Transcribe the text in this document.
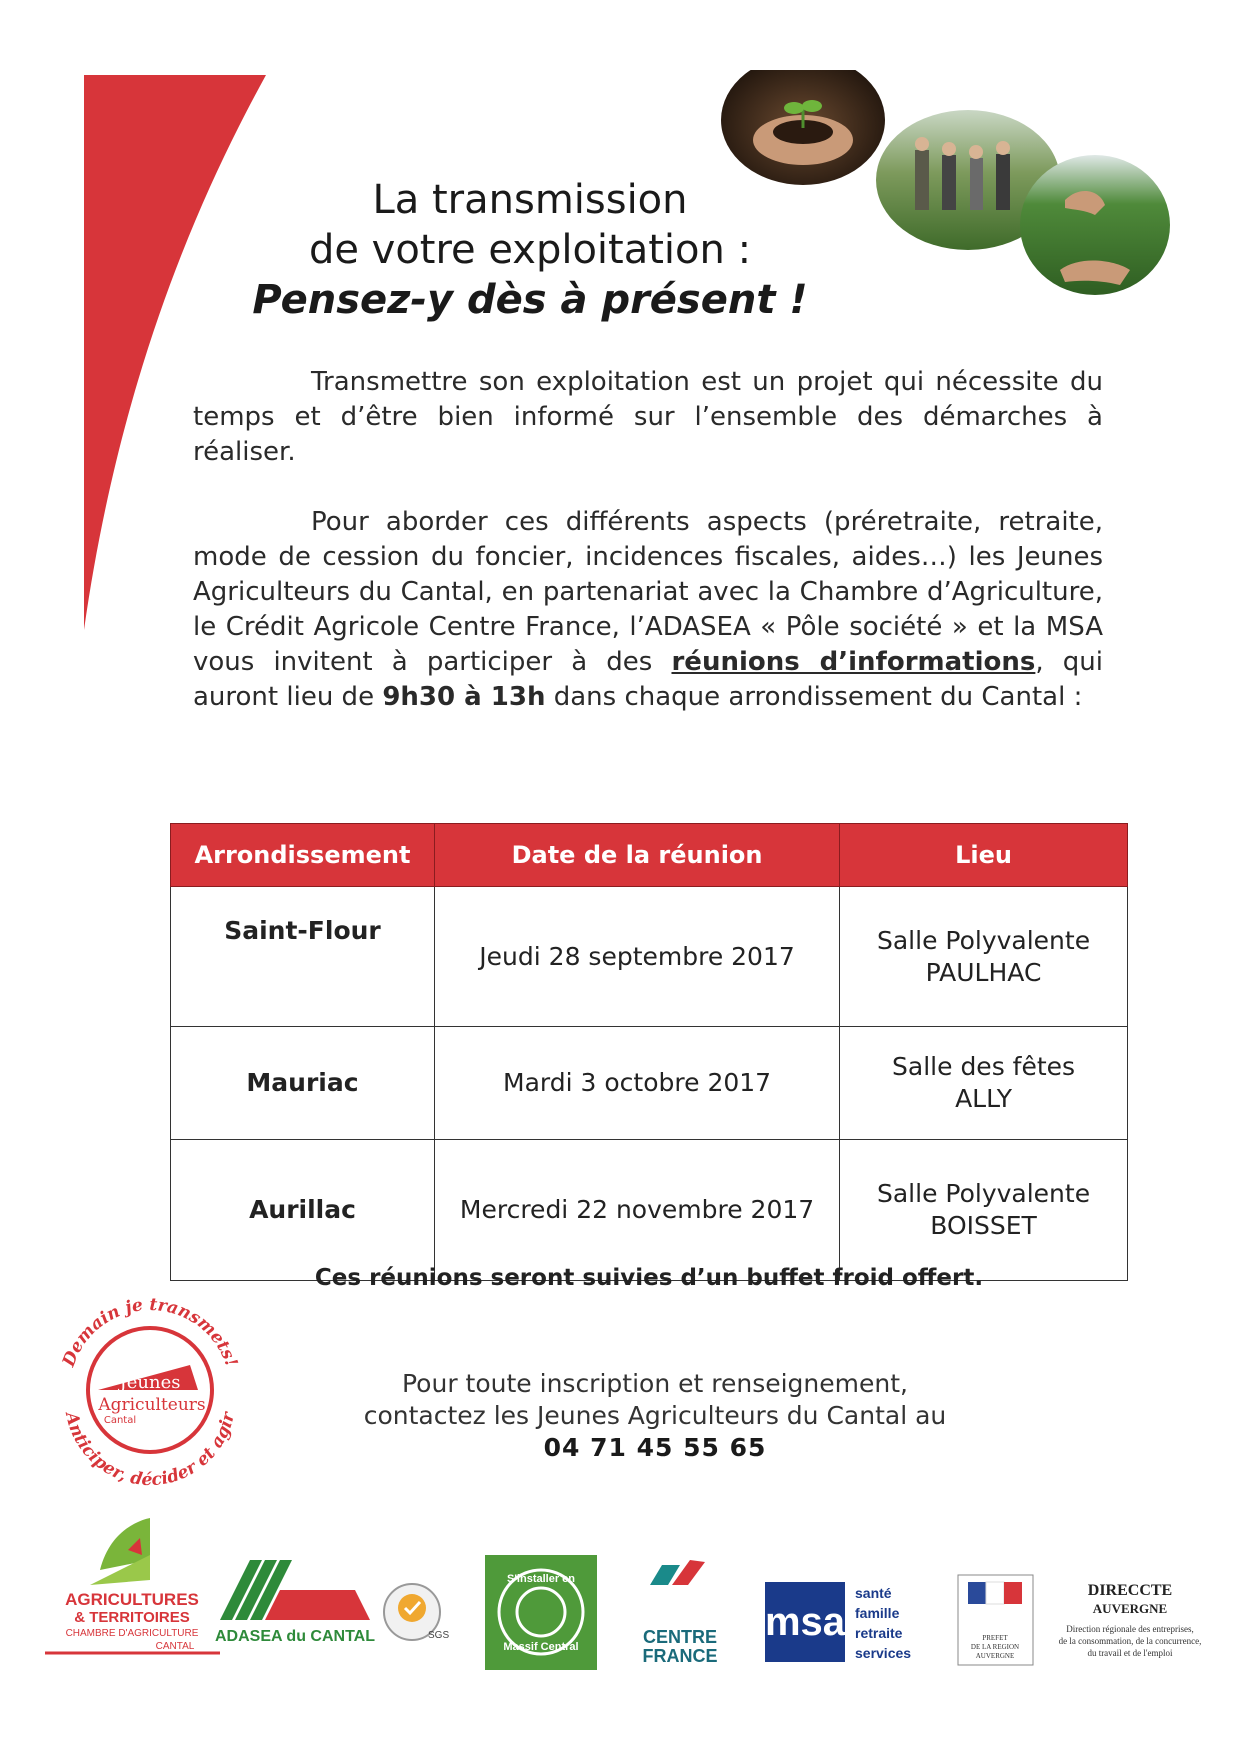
La transmission
de votre exploitation :
Pensez-y dès à présent !
Transmettre son exploitation est un projet qui nécessite du temps et d’être bien informé sur l’ensemble des démarches à réaliser.
Pour aborder ces différents aspects (préretraite, retraite, mode de cession du foncier, incidences fiscales, aides…) les Jeunes Agriculteurs du Cantal, en partenariat avec la Chambre d’Agriculture, le Crédit Agricole Centre France, l’ADASEA « Pôle société » et la MSA vous invitent à participer à des réunions d’informations, qui auront lieu de 9h30 à 13h dans chaque arrondissement du Cantal :
Arrondissement	Date de la réunion	Lieu
Saint-Flour	Jeudi 28 septembre 2017	Salle Polyvalente
PAULHAC

Mauriac	Mardi 3 octobre 2017	Salle des fêtes
ALLY

Aurillac	Mercredi 22 novembre 2017	Salle Polyvalente
BOISSET
Ces réunions seront suivies d’un buffet froid offert.
Pour toute inscription et renseignement,
contactez les Jeunes Agriculteurs du Cantal au
04 71 45 55 65
Demain je transmets!
Anticiper, décider et agir
Jeunes
Agriculteurs
Cantal
AGRICULTURES
& TERRITOIRES
CHAMBRE D'AGRICULTURE
CANTAL
ADASEA du CANTAL	SGS
S'installer en
Massif Central	CENTRE
FRANCE
msa
santé
famille
retraite
services
PREFET
DE LA REGION
AUVERGNE
DIRECCTE
AUVERGNE
Direction régionale des entreprises,
de la consommation, de la concurrence,
du travail et de l'emploi
